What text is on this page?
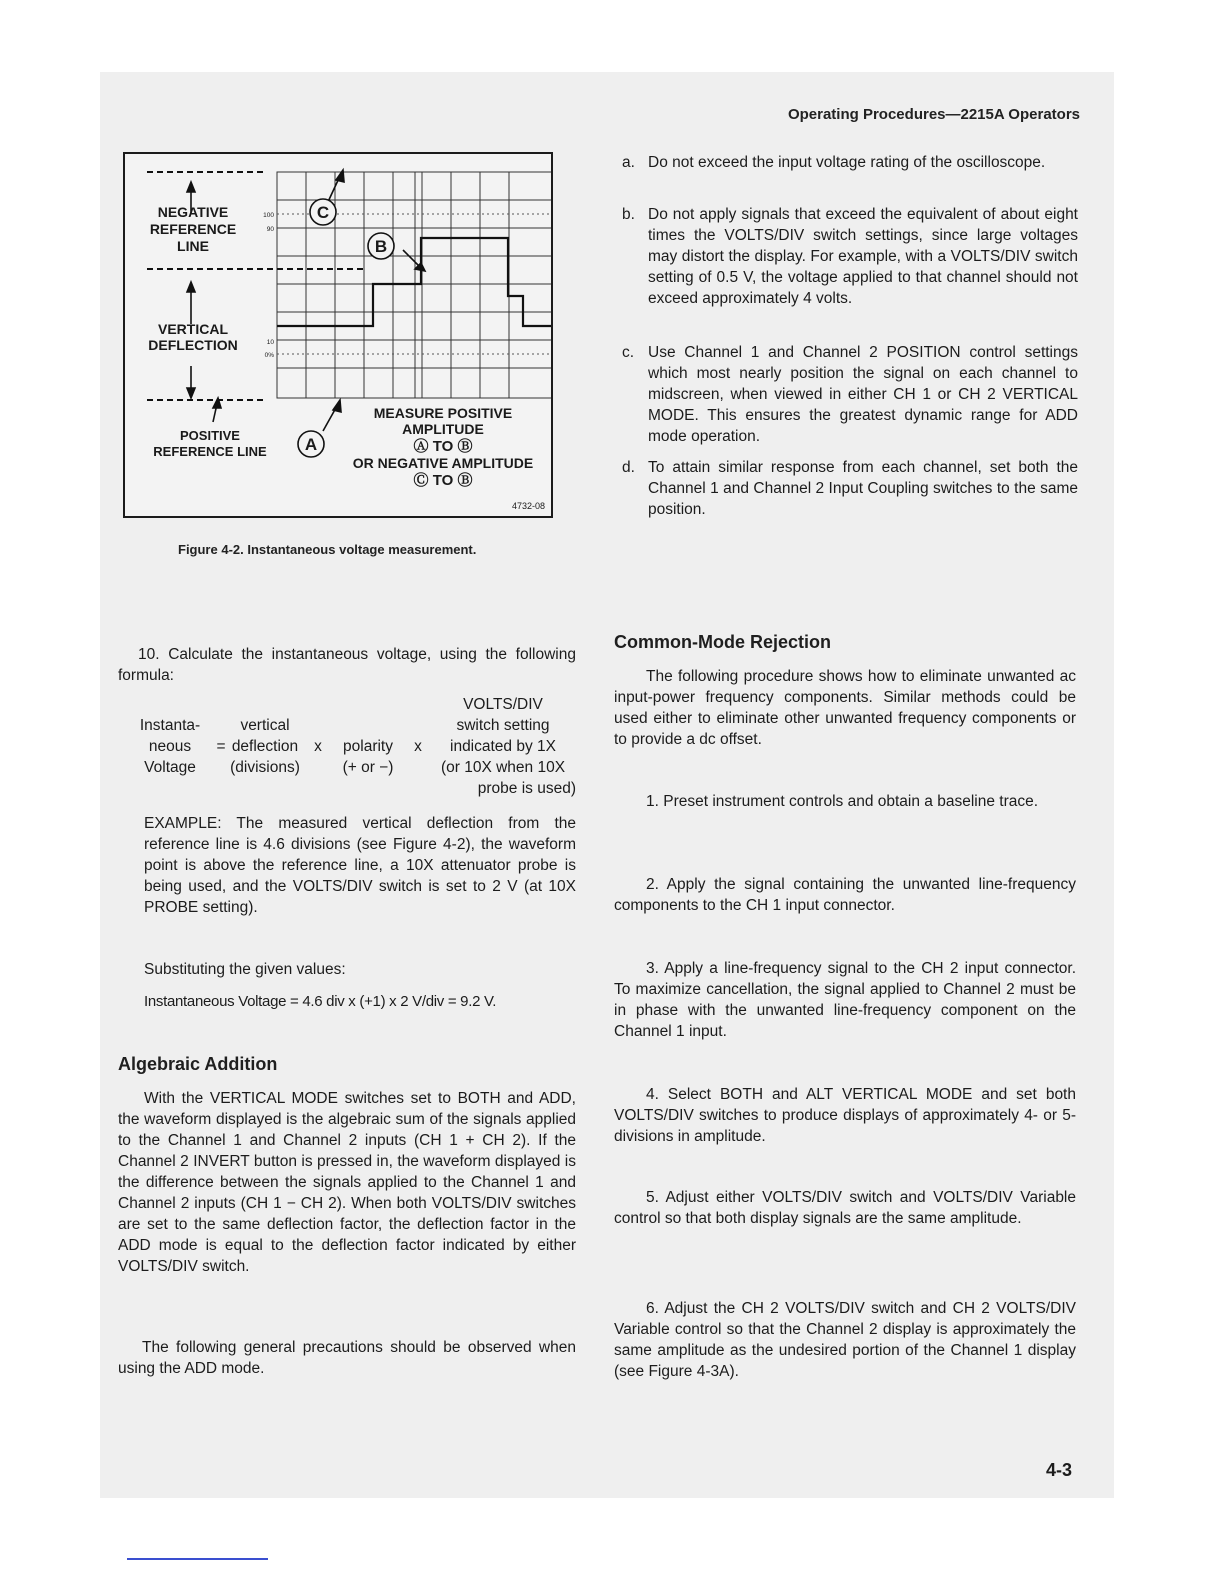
Operating Procedures—2215A Operators
C
B
A
100
90
10
0%
NEGATIVE
REFERENCE
LINE
VERTICAL
DEFLECTION
POSITIVE
REFERENCE LINE
MEASURE POSITIVE
AMPLITUDE
Ⓐ TO Ⓑ
OR NEGATIVE AMPLITUDE
Ⓒ TO Ⓑ
4732-08
Figure 4-2. Instantaneous voltage measurement.

10. Calculate the instantaneous voltage, using the following formula:

Instanta-
neous
Voltage
=
vertical
deflection
(divisions)
x	polarity
(+ or −)
x
VOLTS/DIV
switch setting
indicated by 1X
(or 10X when 10X
probe is used)

EXAMPLE: The measured vertical deflection from the reference line is 4.6 divisions (see Figure 4-2), the waveform point is above the reference line, a 10X attenuator probe is being used, and the VOLTS/DIV switch is set to 2 V (at 10X PROBE setting).

Substituting the given values:

Instantaneous Voltage = 4.6 div x (+1) x 2 V/div = 9.2 V.

Algebraic Addition

With the VERTICAL MODE switches set to BOTH and ADD, the waveform displayed is the algebraic sum of the signals applied to the Channel 1 and Channel 2 inputs (CH 1 + CH 2). If the Channel 2 INVERT button is pressed in, the waveform displayed is the difference between the signals applied to the Channel 1 and Channel 2 inputs (CH 1 − CH 2). When both VOLTS/DIV switches are set to the same deflection factor, the deflection factor in the ADD mode is equal to the deflection factor indicated by either VOLTS/DIV switch.

The following general precautions should be observed when using the ADD mode.

a. Do not exceed the input voltage rating of the oscilloscope.
b. Do not apply signals that exceed the equivalent of about eight times the VOLTS/DIV switch settings, since large voltages may distort the display. For example, with a VOLTS/DIV switch setting of 0.5 V, the voltage applied to that channel should not exceed approximately 4 volts.
c. Use Channel 1 and Channel 2 POSITION control settings which most nearly position the signal on each channel to midscreen, when viewed in either CH 1 or CH 2 VERTICAL MODE. This ensures the greatest dynamic range for ADD mode operation.
d. To attain similar response from each channel, set both the Channel 1 and Channel 2 Input Coupling switches to the same position.
Common-Mode Rejection

The following procedure shows how to eliminate unwanted ac input-power frequency components. Similar methods could be used either to eliminate other unwanted frequency components or to provide a dc offset.

1. Preset instrument controls and obtain a baseline trace.

2. Apply the signal containing the unwanted line-frequency components to the CH 1 input connector.

3. Apply a line-frequency signal to the CH 2 input connector. To maximize cancellation, the signal applied to Channel 2 must be in phase with the unwanted line-frequency component on the Channel 1 input.

4. Select BOTH and ALT VERTICAL MODE and set both VOLTS/DIV switches to produce displays of approximately 4- or 5-divisions in amplitude.

5. Adjust either VOLTS/DIV switch and VOLTS/DIV Variable control so that both display signals are the same amplitude.

6. Adjust the CH 2 VOLTS/DIV switch and CH 2 VOLTS/DIV Variable control so that the Channel 2 display is approximately the same amplitude as the undesired portion of the Channel 1 display (see Figure 4-3A).

4-3
